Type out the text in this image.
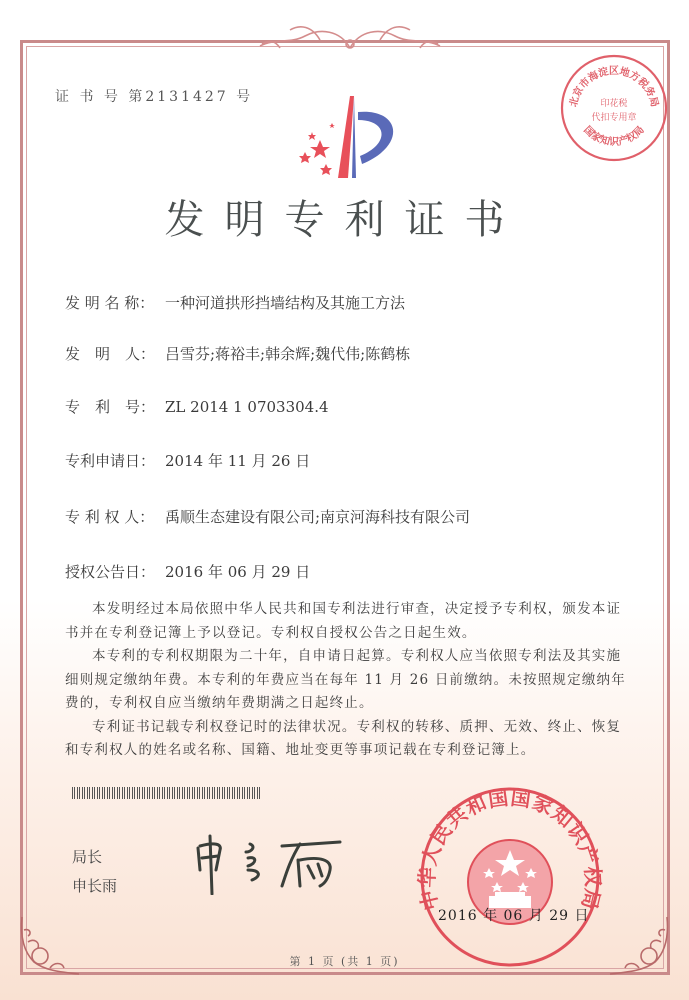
证 书 号 第2131427 号	北京市海淀区地方税务局
国家知识产权局
印花税
代扣专用章
发明专利证书
发 明 名 称： 一种河道拱形挡墙结构及其施工方法
发　明　人： 吕雪芬;蒋裕丰;韩余辉;魏代伟;陈鹤栋
专　利　号： ZL 2014 1 0703304.4
专利申请日： 2014 年 11 月 26 日
专 利 权 人： 禹顺生态建设有限公司;南京河海科技有限公司
授权公告日： 2016 年 06 月 29 日

本发明经过本局依照中华人民共和国专利法进行审查，决定授予专利权，颁发本证书并在专利登记簿上予以登记。专利权自授权公告之日起生效。

本专利的专利权期限为二十年，自申请日起算。专利权人应当依照专利法及其实施细则规定缴纳年费。本专利的年费应当在每年 11 月 26 日前缴纳。未按照规定缴纳年费的，专利权自应当缴纳年费期满之日起终止。

专利证书记载专利权登记时的法律状况。专利权的转移、质押、无效、终止、恢复和专利权人的姓名或名称、国籍、地址变更等事项记载在专利登记簿上。

局长
申长雨
中华人民共和国国家知识产权局
2016 年 06 月 29 日
第 1 页 (共 1 页)
